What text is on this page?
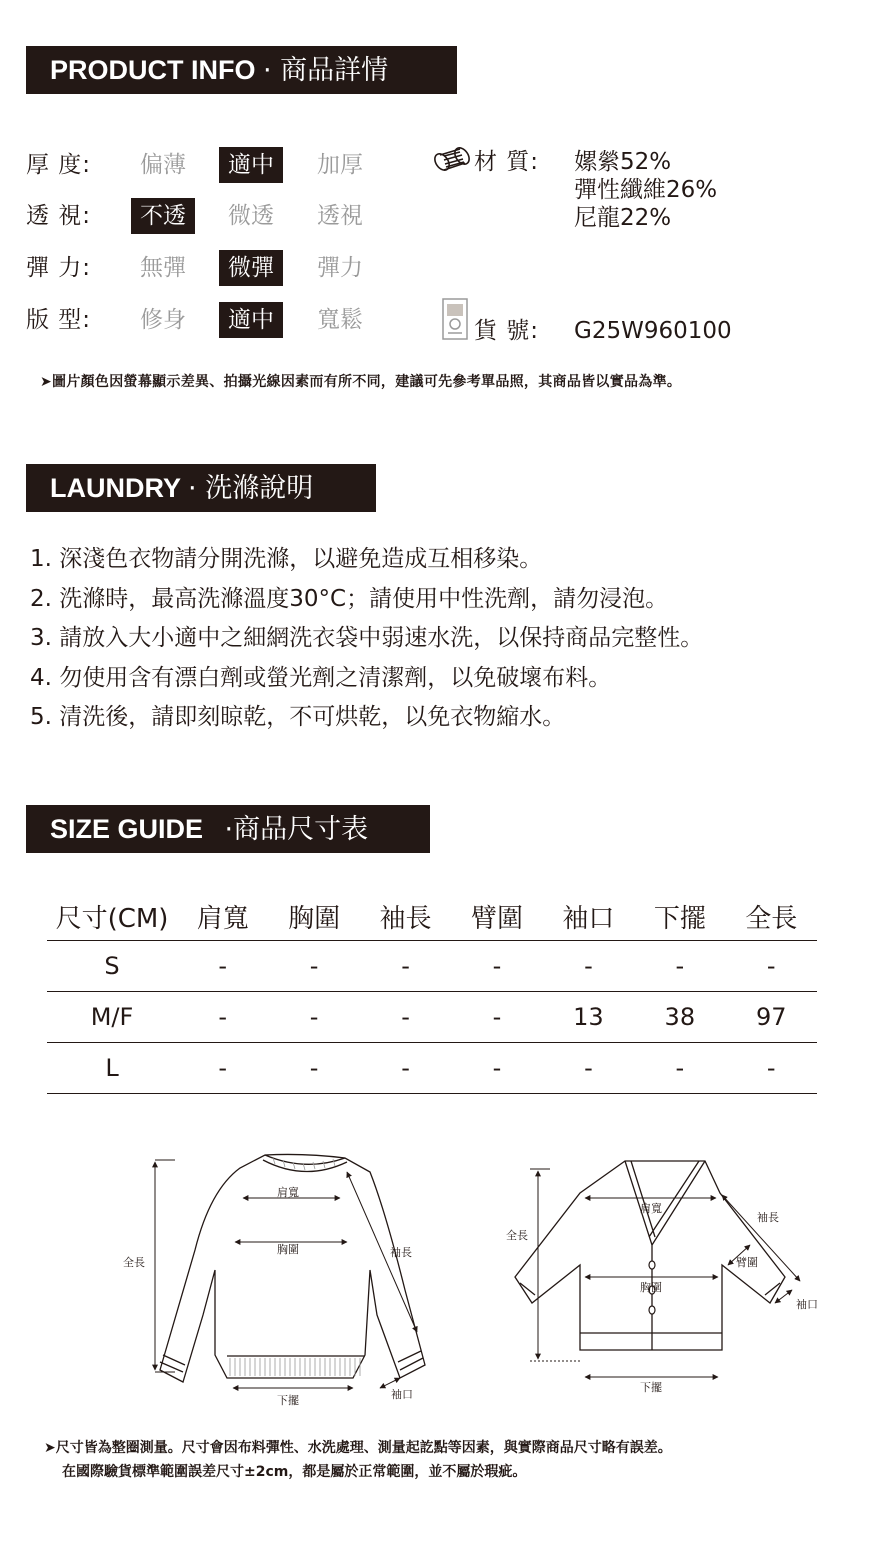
PRODUCT INFO · 商品詳情
厚 度:	偏薄	適中	加厚
透 視:	不透	微透	透視
彈 力:	無彈	微彈	彈力
版 型:	修身	適中	寬鬆
材 質: 嫘縈52%
彈性纖維26%
尼龍22%
貨 號: G25W960100
➤圖片顏色因螢幕顯示差異、拍攝光線因素而有所不同，建議可先參考單品照，其商品皆以實品為準。
LAUNDRY · 洗滌說明
1. 深淺色衣物請分開洗滌，以避免造成互相移染。
2. 洗滌時，最高洗滌溫度30°C；請使用中性洗劑，請勿浸泡。
3. 請放入大小適中之細網洗衣袋中弱速水洗，以保持商品完整性。
4. 勿使用含有漂白劑或螢光劑之清潔劑，以免破壞布料。
5. 清洗後，請即刻晾乾，不可烘乾，以免衣物縮水。
SIZE GUIDE ·商品尺寸表
尺寸(CM)	肩寬	胸圍	袖長	臂圍	袖口	下擺	全長
S	-	-	-	-	-	-	-
M/F	-	-	-	-	13	38	97
L	-	-	-	-	-	-	-
肩寬
胸圍
全長
袖長
下擺	袖口
肩寬
胸圍
全長
袖長
臂圍
袖口
下擺
➤尺寸皆為整圈測量。尺寸會因布料彈性、水洗處理、測量起訖點等因素，與實際商品尺寸略有誤差。
在國際驗貨標準範圍誤差尺寸±2cm，都是屬於正常範圍，並不屬於瑕疵。
